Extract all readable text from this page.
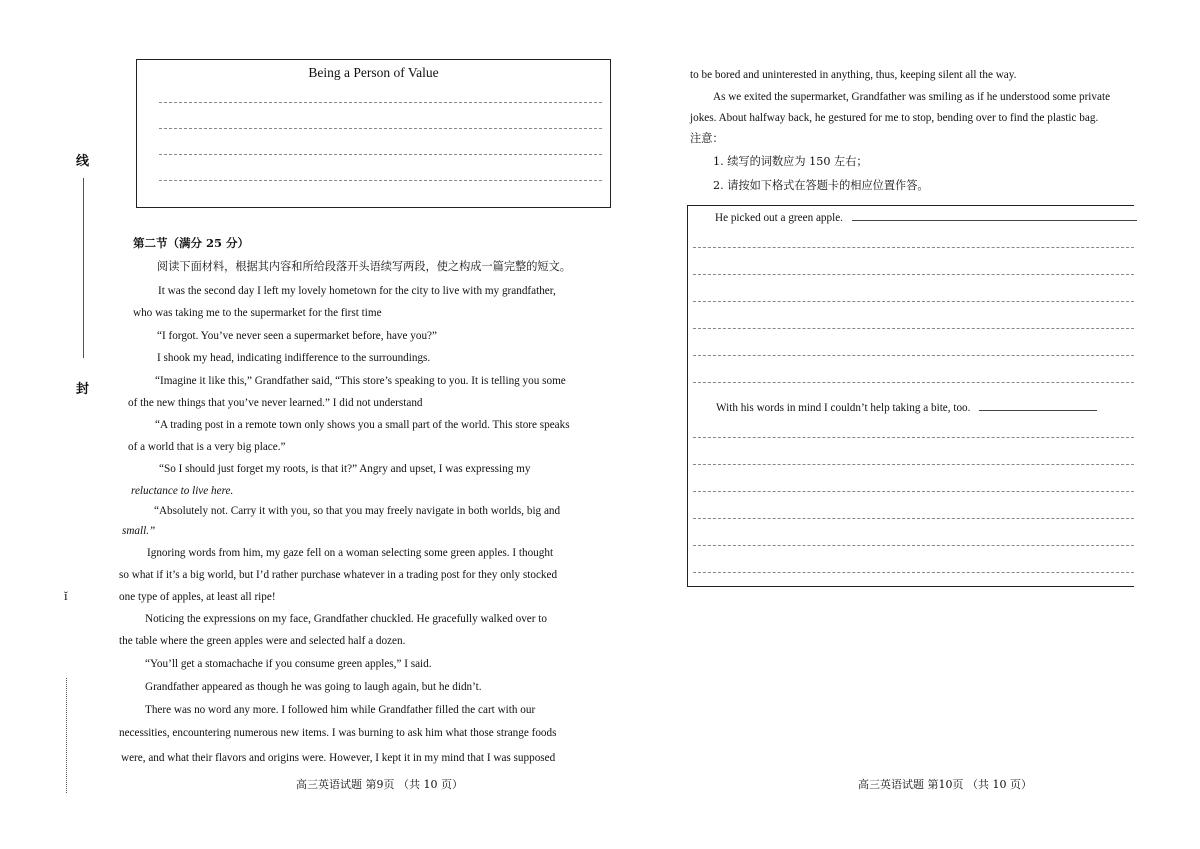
线
封
ǐ
Being a Person of Value
第二节（满分 25 分）
阅读下面材料，根据其内容和所给段落开头语续写两段，使之构成一篇完整的短文。
It was the second day I left my lovely hometown for the city to live with my grandfather,
who was taking me to the supermarket for the first time
“I forgot. You’ve never seen a supermarket before, have you?”
I shook my head, indicating indifference to the surroundings.
“Imagine it like this,” Grandfather said, “This store’s speaking to you. It is telling you some
of the new things that you’ve never learned.” I did not understand
“A trading post in a remote town only shows you a small part of the world. This store speaks
of a world that is a very big place.”
“So I should just forget my roots, is that it?” Angry and upset, I was expressing my
reluctance to live here.
“Absolutely not. Carry it with you, so that you may freely navigate in both worlds, big and
small.”
Ignoring words from him, my gaze fell on a woman selecting some green apples. I thought
so what if it’s a big world, but I’d rather purchase whatever in a trading post for they only stocked
one type of apples, at least all ripe!
Noticing the expressions on my face, Grandfather chuckled. He gracefully walked over to
the table where the green apples were and selected half a dozen.
“You’ll get a stomachache if you consume green apples,” I said.
Grandfather appeared as though he was going to laugh again, but he didn’t.
There was no word any more. I followed him while Grandfather filled the cart with our
necessities, encountering numerous new items. I was burning to ask him what those strange foods
were, and what their flavors and origins were. However, I kept it in my mind that I was supposed
高三英语试题 第9页 （共 10 页）
to be bored and uninterested in anything, thus, keeping silent all the way.
As we exited the supermarket, Grandfather was smiling as if he understood some private
jokes. About halfway back, he gestured for me to stop, bending over to find the plastic bag.
注意：
1. 续写的词数应为 150 左右；
2. 请按如下格式在答题卡的相应位置作答。
He picked out a green apple.
With his words in mind I couldn’t help taking a bite, too.
高三英语试题 第10页 （共 10 页）
